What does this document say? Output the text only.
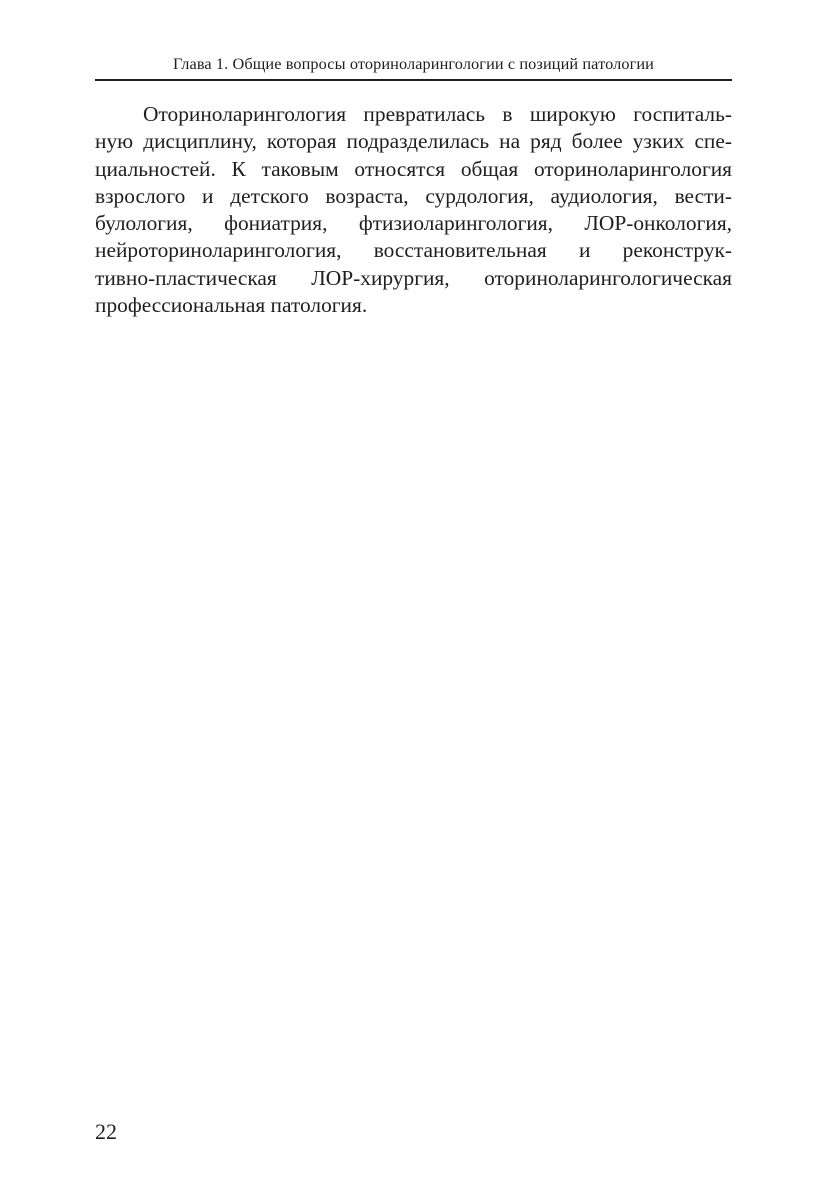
Глава 1. Общие вопросы оториноларингологии с позиций патологии
Оториноларингология превратилась в широкую госпиталь-
ную дисциплину, которая подразделилась на ряд более узких спе-
циальностей. К таковым относятся общая оториноларингология
взрослого и детского возраста, сурдология, аудиология, вести-
булология, фониатрия, фтизиоларингология, ЛОР-онкология,
нейроториноларингология, восстановительная и реконструк-
тивно-пластическая ЛОР-хирургия, оториноларингологическая
профессиональная патология.
22
